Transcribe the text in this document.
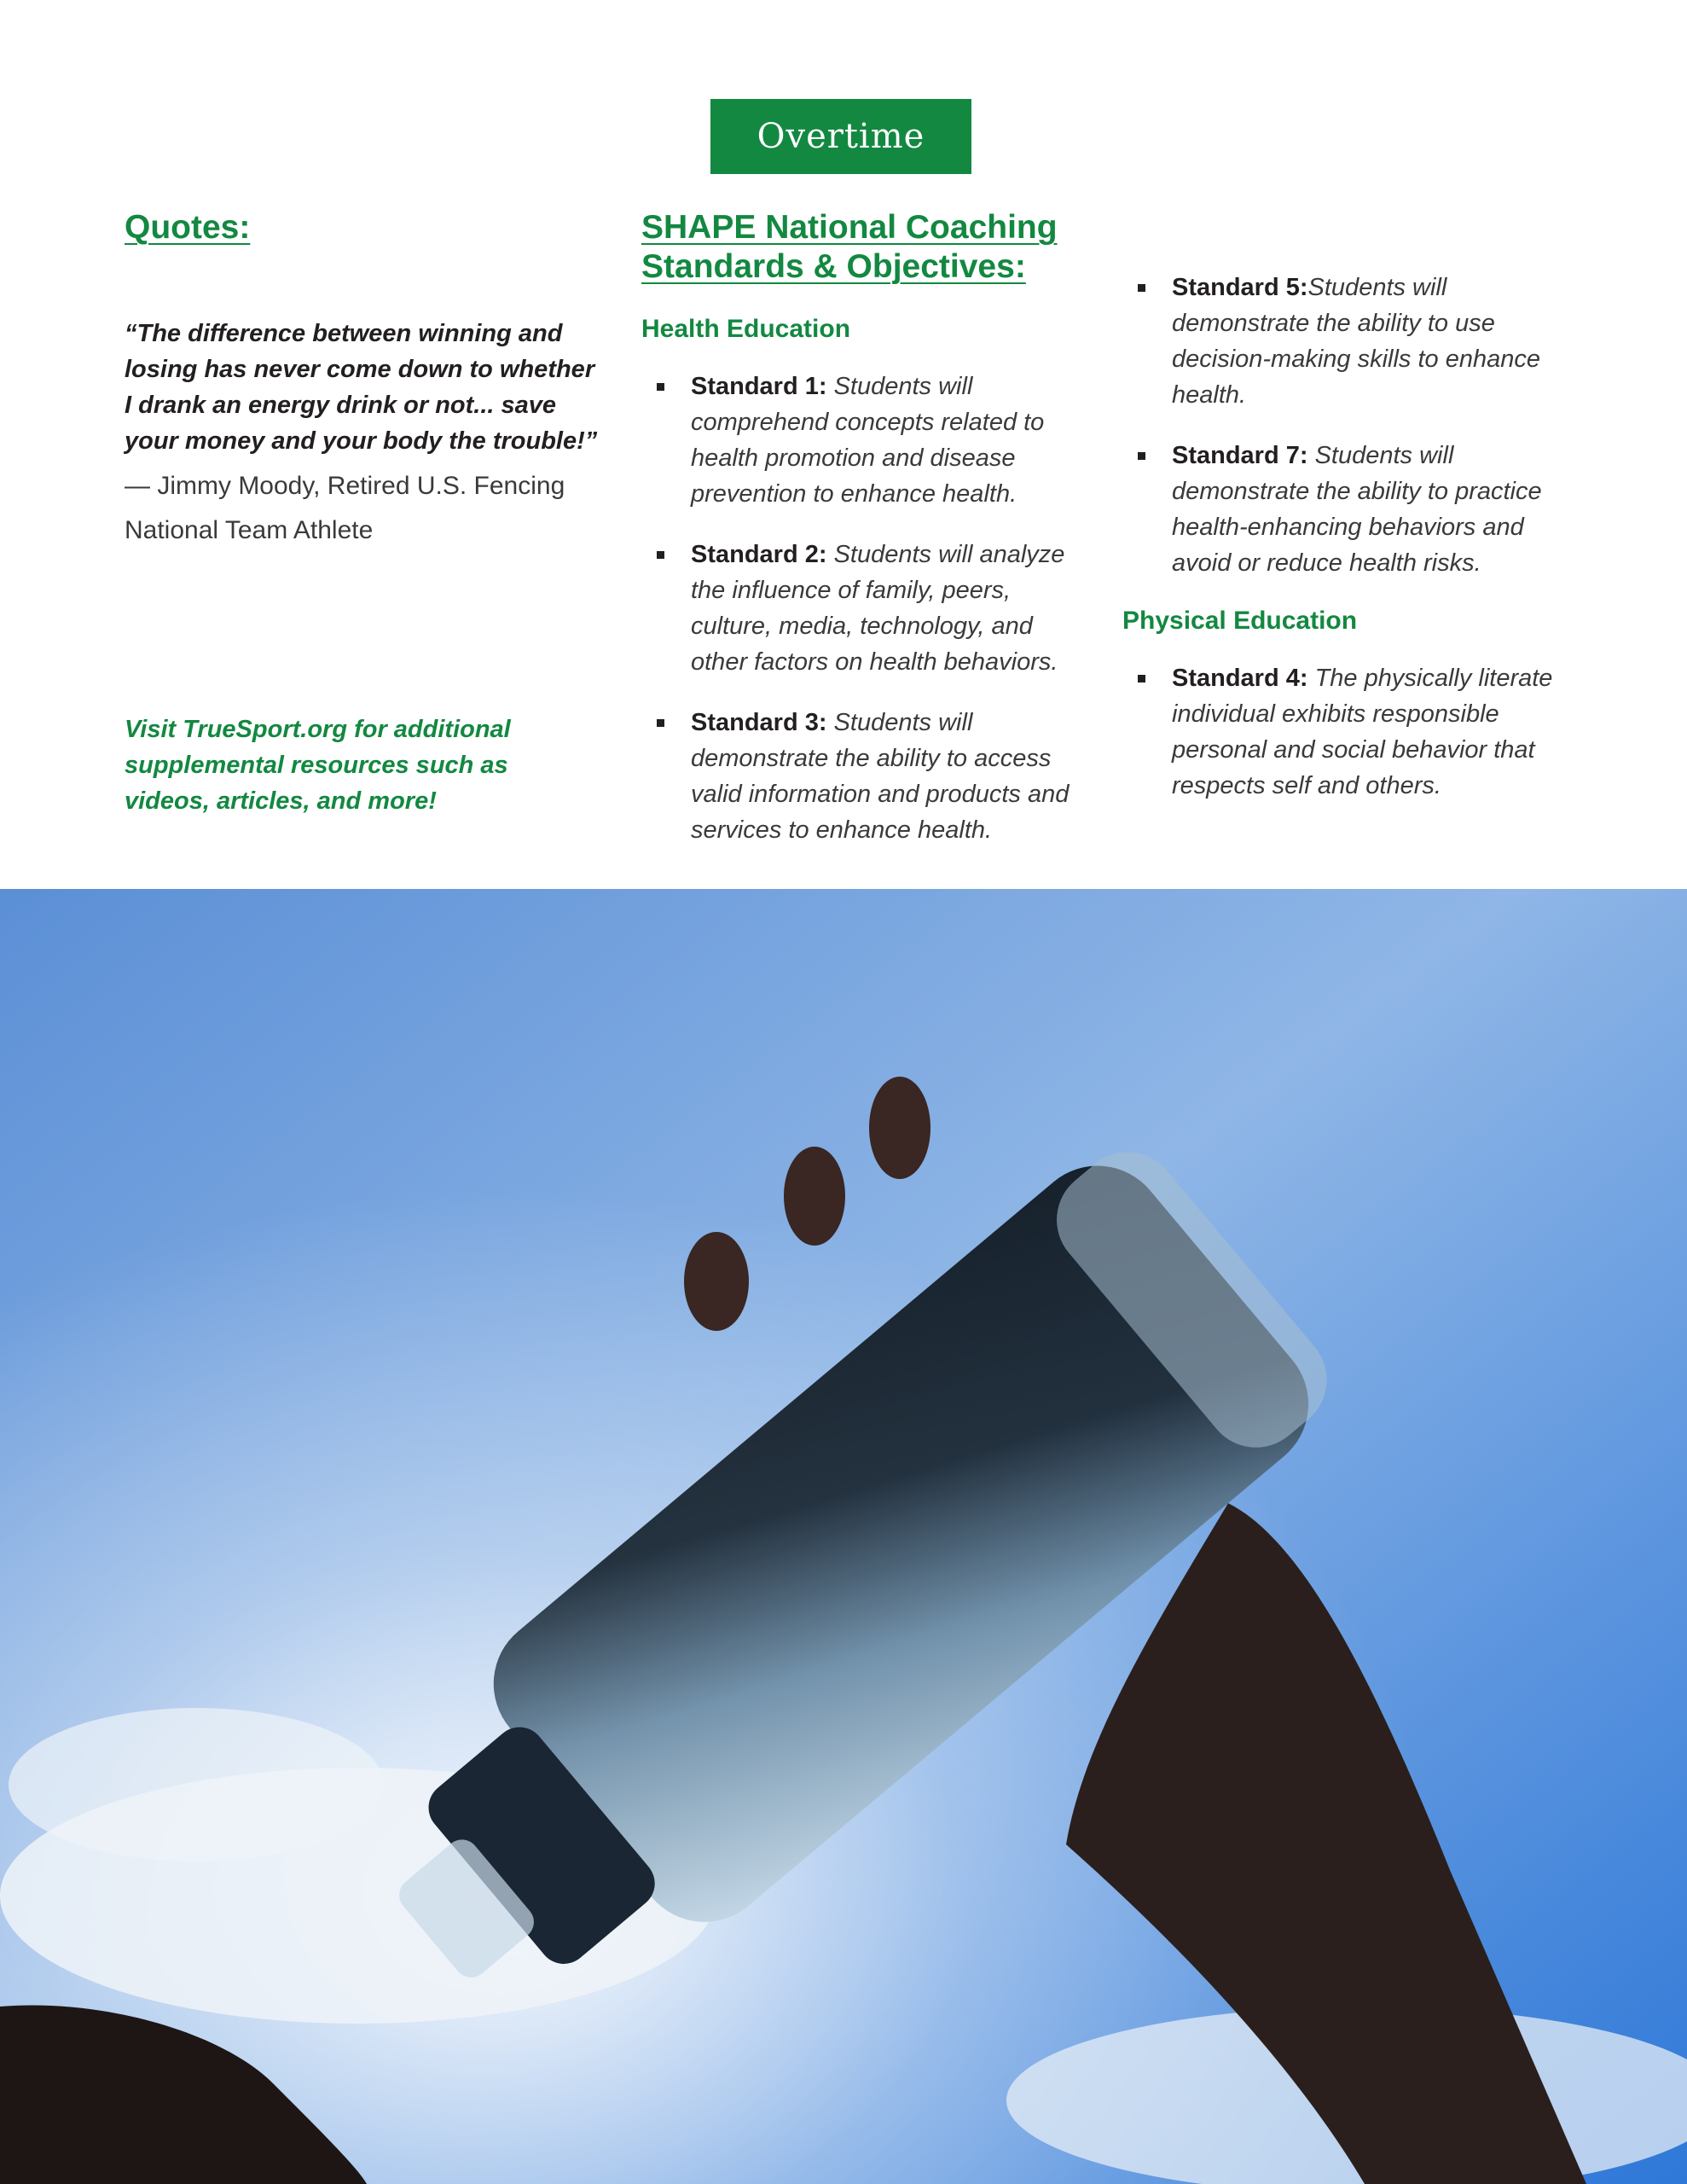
Overtime
Quotes:
“The difference between winning and losing has never come down to whether I drank an energy drink or not... save your money and your body the trouble!”
— Jimmy Moody, Retired U.S. Fencing National Team Athlete
Visit TrueSport.org for additional supplemental resources such as videos, articles, and more!
SHAPE National Coaching Standards & Objectives:
Health Education
Standard 1: Students will comprehend concepts related to health promotion and disease prevention to enhance health.
Standard 2: Students will analyze the influence of family, peers, culture, media, technology, and other factors on health behaviors.
Standard 3: Students will demonstrate the ability to access valid information and products and services to enhance health.
Standard 5:Students will demonstrate the ability to use decision-making skills to enhance health.
Standard 7: Students will demonstrate the ability to practice health-enhancing behaviors and avoid or reduce health risks.
Physical Education
Standard 4: The physically literate individual exhibits responsible personal and social behavior that respects self and others.
